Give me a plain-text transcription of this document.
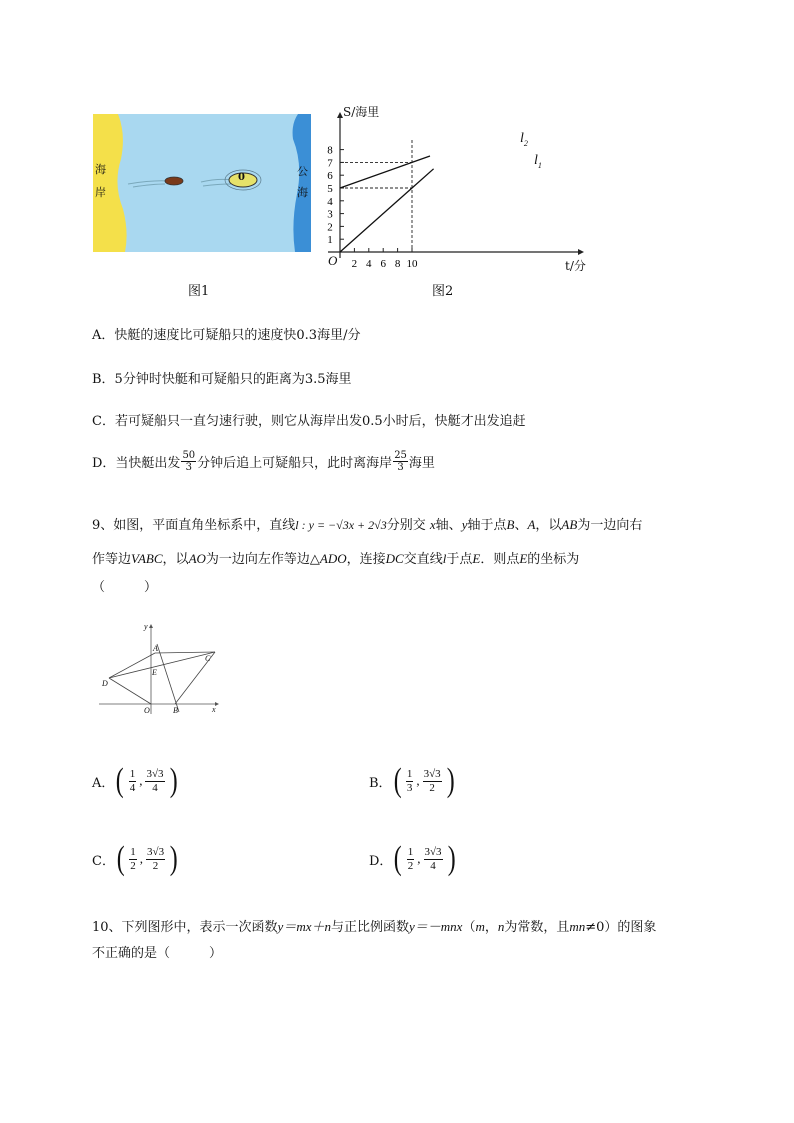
海
岸
公
海
0
图1
1
2
3
4
5
6
7
8
2 4 6 8 10
S/海里
t/分
O
$l_2$
$l_1$
图2
A．快艇的速度比可疑船只的速度快0.3海里/分
B．5分钟时快艇和可疑船只的距离为3.5海里
C．若可疑船只一直匀速行驶，则它从海岸出发0.5小时后，快艇才出发追赶
D．当快艇出发 $\frac{50}{3}$ 分钟后追上可疑船只，此时离海岸 $\frac{25}{3}$ 海里
9、如图，平面直角坐标系中，直线l : y = −√3x + 2√3分别交 x轴、y轴于点B、A，以AB为一边向右
作等边VABC，以AO为一边向左作等边△ADO，连接DC交直线l于点E．则点E的坐标为
（　　　）
y
x
A
C
E
D
O	B
A． ( $\frac{1}{4}$ , $\frac{3√3}{4}$ )	B． ( $\frac{1}{3}$ , $\frac{3√3}{2}$ )
C． ( $\frac{1}{2}$ , $\frac{3√3}{2}$ )	D． ( $\frac{1}{2}$ , $\frac{3√3}{4}$ )
10、下列图形中，表示一次函数y＝mx＋n与正比例函数y＝－mnx（m，n为常数，且mn≠0）的图象
不正确的是（　　　）
